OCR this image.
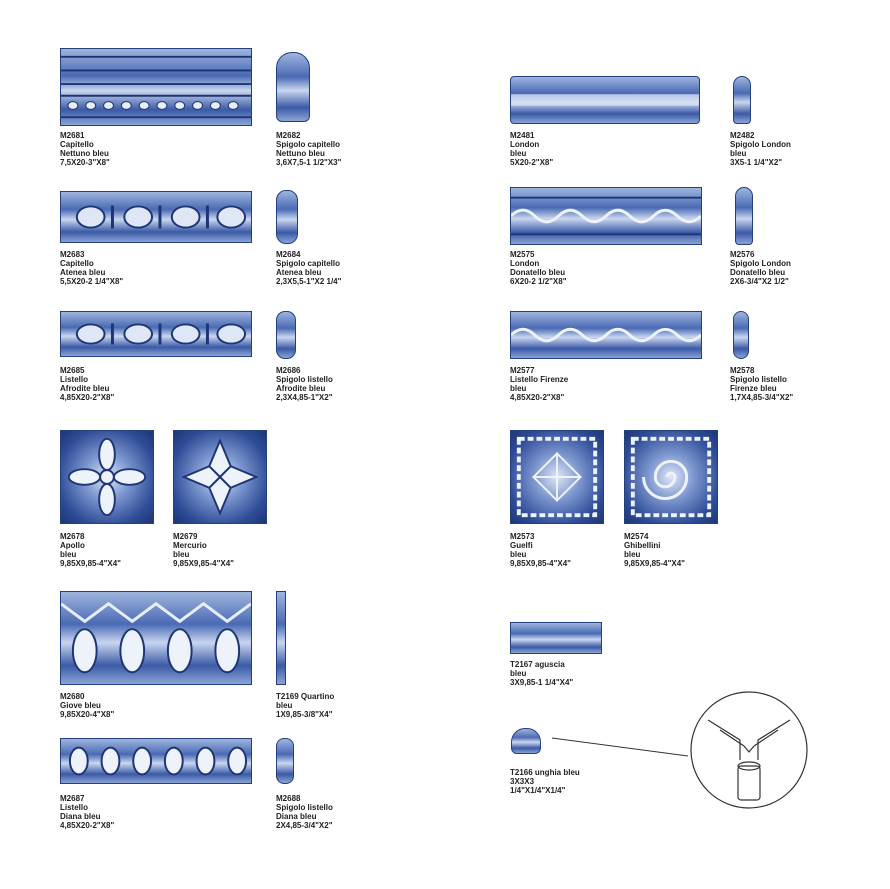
M2681
Capitello
Nettuno bleu
7,5X20-3"X8"
M2682
Spigolo capitello
Nettuno bleu
3,6X7,5-1 1/2"X3"
M2683
Capitello
Atenea bleu
5,5X20-2 1/4"X8"
M2684
Spigolo capitello
Atenea bleu
2,3X5,5-1"X2 1/4"
M2685
Listello
Afrodite bleu
4,85X20-2"X8"
M2686
Spigolo listello
Afrodite bleu
2,3X4,85-1"X2"
M2678
Apollo
bleu
9,85X9,85-4"X4"
M2679
Mercurio
bleu
9,85X9,85-4"X4"
M2680
Giove bleu
9,85X20-4"X8"
T2169 Quartino
bleu
1X9,85-3/8"X4"
M2687
Listello
Diana bleu
4,85X20-2"X8"
M2688
Spigolo listello
Diana bleu
2X4,85-3/4"X2"
M2481
London
bleu
5X20-2"X8"
M2482
Spigolo London
bleu
3X5-1 1/4"X2"
M2575
London
Donatello bleu
6X20-2 1/2"X8"
M2576
Spigolo London
Donatello bleu
2X6-3/4"X2 1/2"
M2577
Listello Firenze
bleu
4,85X20-2"X8"
M2578
Spigolo listello
Firenze bleu
1,7X4,85-3/4"X2"
M2573
Guelfi
bleu
9,85X9,85-4"X4"
M2574
Ghibellini
bleu
9,85X9,85-4"X4"
T2167 aguscia
bleu
3X9,85-1 1/4"X4"
T2166 unghia bleu
3X3X3
1/4"X1/4"X1/4"
